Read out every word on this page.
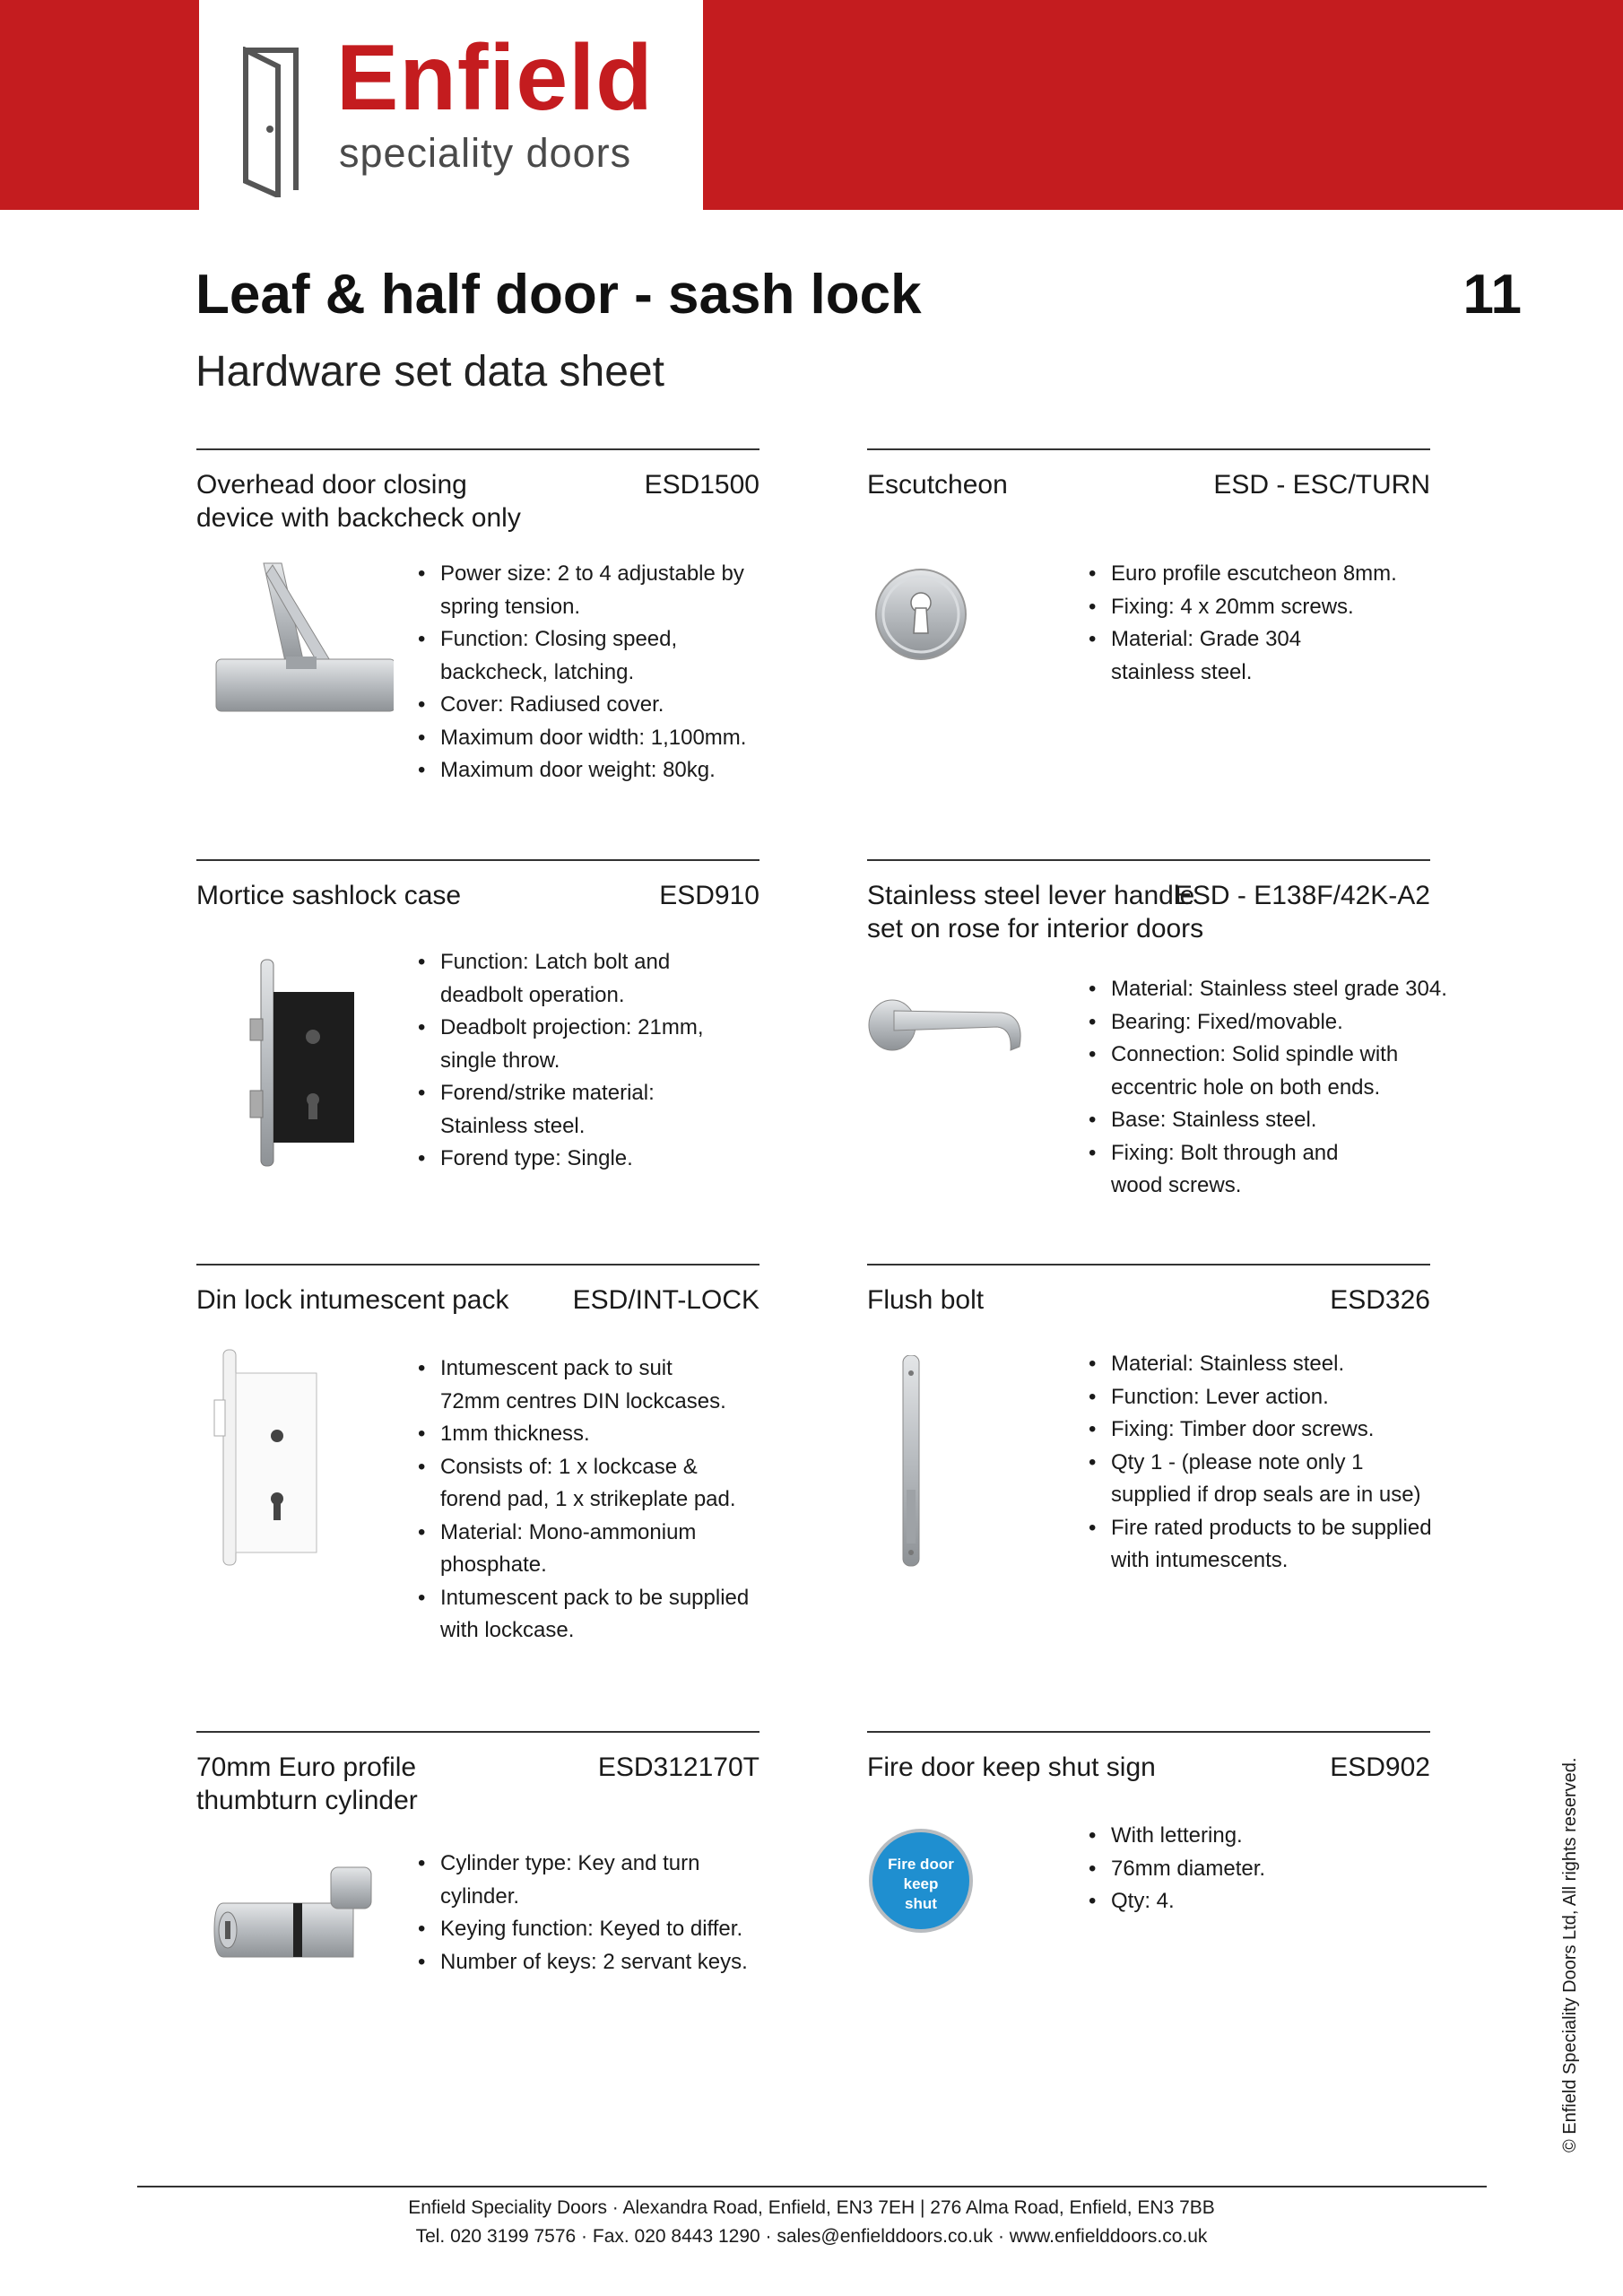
Enfield
speciality doors
Leaf & half door - sash lock	11
Hardware set data sheet
Overhead door closing
device with backcheck only
ESD1500
• Power size: 2 to 4 adjustable by
spring tension.
• Function: Closing speed,
backcheck, latching.
• Cover: Radiused cover.
• Maximum door width: 1,100mm.
• Maximum door weight: 80kg.
Escutcheon	ESD - ESC/TURN
• Euro profile escutcheon 8mm.
• Fixing: 4 x 20mm screws.
• Material: Grade 304
stainless steel.
Mortice sashlock case	ESD910
• Function: Latch bolt and
deadbolt operation.
• Deadbolt projection: 21mm,
single throw.
• Forend/strike material:
Stainless steel.
• Forend type: Single.
Stainless steel lever handle
set on rose for interior doors
ESD - E138F/42K-A2
• Material: Stainless steel grade 304.
• Bearing: Fixed/movable.
• Connection: Solid spindle with
eccentric hole on both ends.
• Base: Stainless steel.
• Fixing: Bolt through and
wood screws.
Din lock intumescent pack ESD/INT-LOCK
• Intumescent pack to suit
72mm centres DIN lockcases.
• 1mm thickness.
• Consists of: 1 x lockcase &
forend pad, 1 x strikeplate pad.
• Material: Mono-ammonium
phosphate.
• Intumescent pack to be supplied
with lockcase.
Flush bolt	ESD326
• Material: Stainless steel.
• Function: Lever action.
• Fixing: Timber door screws.
• Qty 1 - (please note only 1
supplied if drop seals are in use)
• Fire rated products to be supplied
with intumescents.
70mm Euro profile
thumbturn cylinder
ESD312170T
• Cylinder type: Key and turn
cylinder.
• Keying function: Keyed to differ.
• Number of keys: 2 servant keys.
Fire door keep shut sign	ESD902
Fire door
keep
shut
• With lettering.
• 76mm diameter.
• Qty: 4.
Enfield Speciality Doors · Alexandra Road, Enfield, EN3 7EH | 276 Alma Road, Enfield, EN3 7BB
Tel. 020 3199 7576 · Fax. 020 8443 1290 · sales@enfielddoors.co.uk · www.enfielddoors.co.uk
© Enfield Speciality Doors Ltd, All rights reserved.
